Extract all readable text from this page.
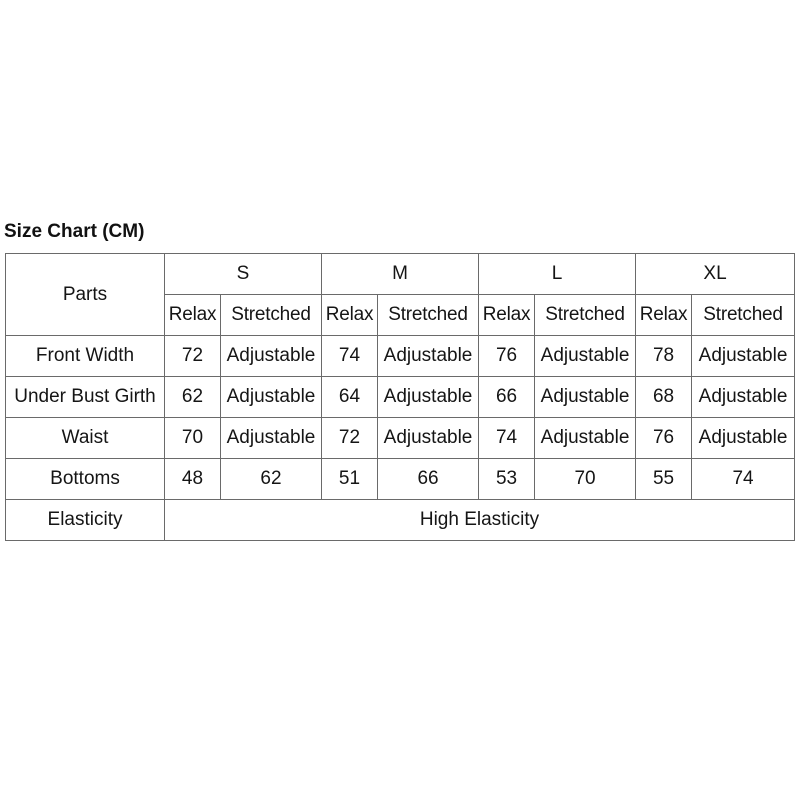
Size Chart (CM)
Parts	S		M		L		XL	
	Relax	Stretched	Relax	Stretched	Relax	Stretched	Relax	Stretched
Front Width	72	Adjustable	74	Adjustable	76	Adjustable	78	Adjustable
Under Bust Girth	62	Adjustable	64	Adjustable	66	Adjustable	68	Adjustable
Waist	70	Adjustable	72	Adjustable	74	Adjustable	76	Adjustable
Bottoms	48	62	51	66	53	70	55	74
Elasticity	High Elasticity							
